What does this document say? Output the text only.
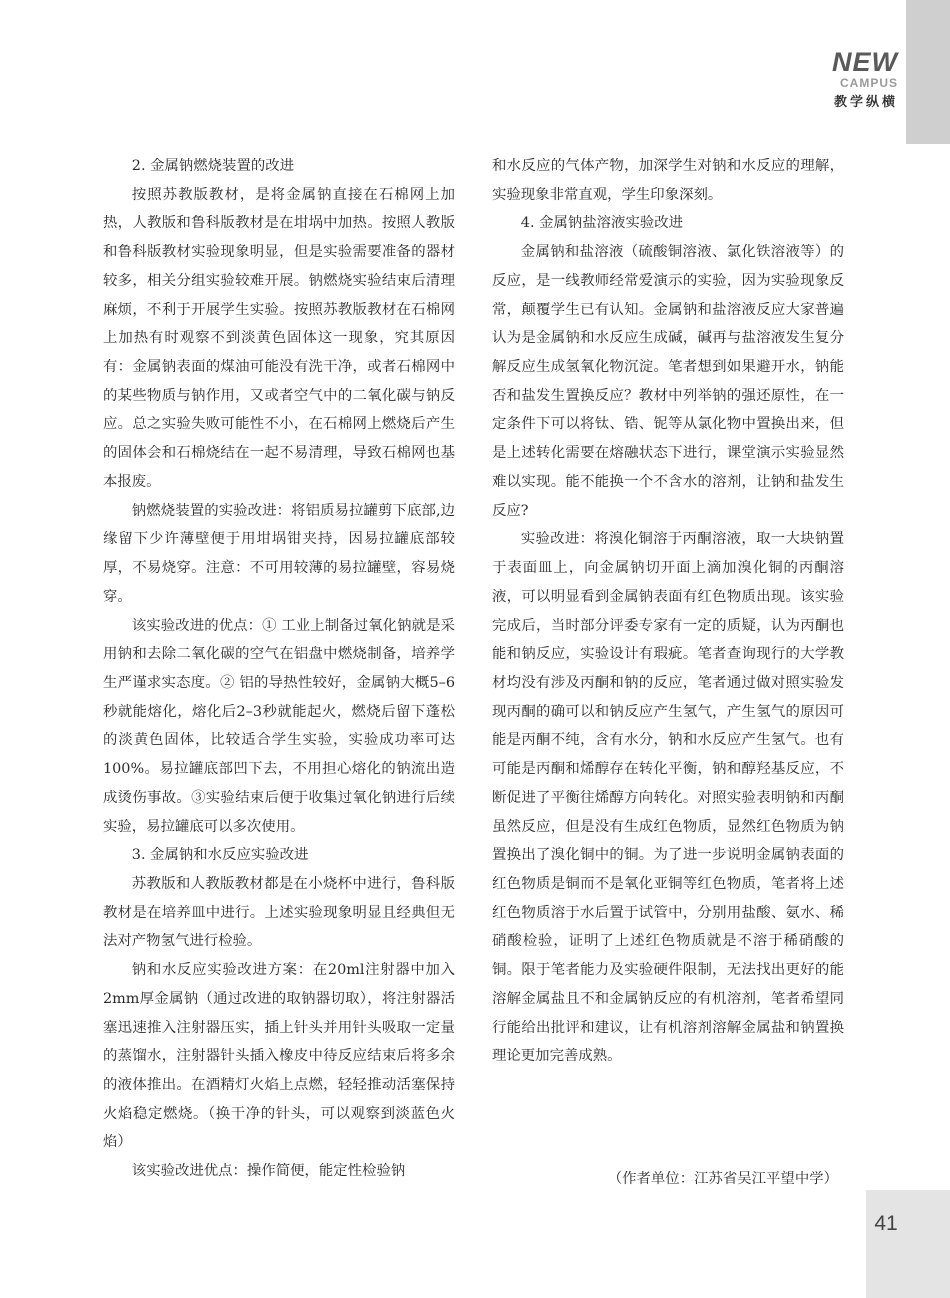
NEW
CAMPUS
教学纵横

2. 金属钠燃烧装置的改进

按照苏教版教材，是将金属钠直接在石棉网上加热，人教版和鲁科版教材是在坩埚中加热。按照人教版和鲁科版教材实验现象明显，但是实验需要准备的器材较多，相关分组实验较难开展。钠燃烧实验结束后清理麻烦，不利于开展学生实验。按照苏教版教材在石棉网上加热有时观察不到淡黄色固体这一现象，究其原因有：金属钠表面的煤油可能没有洗干净，或者石棉网中的某些物质与钠作用，又或者空气中的二氧化碳与钠反应。总之实验失败可能性不小，在石棉网上燃烧后产生的固体会和石棉烧结在一起不易清理，导致石棉网也基本报废。

钠燃烧装置的实验改进：将铝质易拉罐剪下底部,边缘留下少许薄壁便于用坩埚钳夹持，因易拉罐底部较厚，不易烧穿。注意：不可用较薄的易拉罐壁，容易烧穿。

该实验改进的优点：① 工业上制备过氧化钠就是采用钠和去除二氧化碳的空气在铝盘中燃烧制备，培养学生严谨求实态度。② 铝的导热性较好，金属钠大概5–6秒就能熔化，熔化后2–3秒就能起火，燃烧后留下蓬松的淡黄色固体，比较适合学生实验，实验成功率可达100%。易拉罐底部凹下去，不用担心熔化的钠流出造成烫伤事故。③实验结束后便于收集过氧化钠进行后续实验，易拉罐底可以多次使用。

3. 金属钠和水反应实验改进

苏教版和人教版教材都是在小烧杯中进行，鲁科版教材是在培养皿中进行。上述实验现象明显且经典但无法对产物氢气进行检验。

钠和水反应实验改进方案：在20ml注射器中加入2mm厚金属钠（通过改进的取钠器切取），将注射器活塞迅速推入注射器压实，插上针头并用针头吸取一定量的蒸馏水，注射器针头插入橡皮中待反应结束后将多余的液体推出。在酒精灯火焰上点燃，轻轻推动活塞保持火焰稳定燃烧。（换干净的针头，可以观察到淡蓝色火焰）

该实验改进优点：操作简便，能定性检验钠

和水反应的气体产物，加深学生对钠和水反应的理解，实验现象非常直观，学生印象深刻。

4. 金属钠盐溶液实验改进

金属钠和盐溶液（硫酸铜溶液、氯化铁溶液等）的反应，是一线教师经常爱演示的实验，因为实验现象反常，颠覆学生已有认知。金属钠和盐溶液反应大家普遍认为是金属钠和水反应生成碱，碱再与盐溶液发生复分解反应生成氢氧化物沉淀。笔者想到如果避开水，钠能否和盐发生置换反应？教材中列举钠的强还原性，在一定条件下可以将钛、锆、铌等从氯化物中置换出来，但是上述转化需要在熔融状态下进行，课堂演示实验显然难以实现。能不能换一个不含水的溶剂，让钠和盐发生反应?

实验改进：将溴化铜溶于丙酮溶液，取一大块钠置于表面皿上，向金属钠切开面上滴加溴化铜的丙酮溶液，可以明显看到金属钠表面有红色物质出现。该实验完成后，当时部分评委专家有一定的质疑，认为丙酮也能和钠反应，实验设计有瑕疵。笔者查询现行的大学教材均没有涉及丙酮和钠的反应，笔者通过做对照实验发现丙酮的确可以和钠反应产生氢气，产生氢气的原因可能是丙酮不纯，含有水分，钠和水反应产生氢气。也有可能是丙酮和烯醇存在转化平衡，钠和醇羟基反应，不断促进了平衡往烯醇方向转化。对照实验表明钠和丙酮虽然反应，但是没有生成红色物质，显然红色物质为钠置换出了溴化铜中的铜。为了进一步说明金属钠表面的红色物质是铜而不是氧化亚铜等红色物质，笔者将上述红色物质溶于水后置于试管中，分别用盐酸、氨水、稀硝酸检验，证明了上述红色物质就是不溶于稀硝酸的铜。限于笔者能力及实验硬件限制，无法找出更好的能溶解金属盐且不和金属钠反应的有机溶剂，笔者希望同行能给出批评和建议，让有机溶剂溶解金属盐和钠置换理论更加完善成熟。

（作者单位：江苏省吴江平望中学）
41
